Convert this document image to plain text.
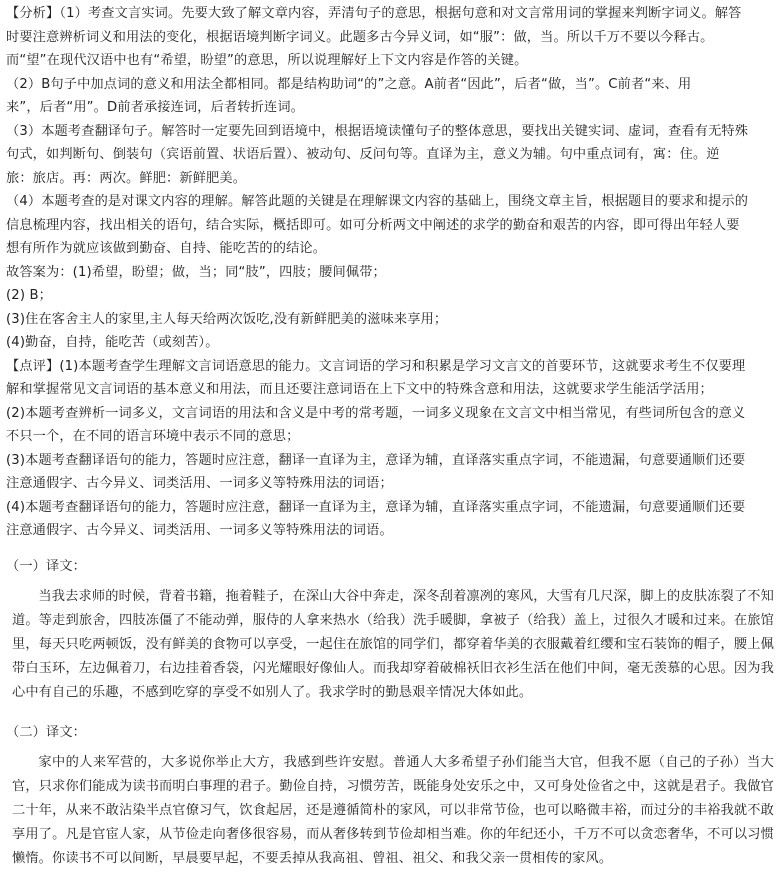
【分析】（1）考查文言实词。先要大致了解文章内容，弄清句子的意思，根据句意和对文言常用词的掌握来判断字词义。解答
时要注意辨析词义和用法的变化，根据语境判断字词义。此题多古今异义词，如“服”：做，当。所以千万不要以今释古。
而“望”在现代汉语中也有“希望，盼望”的意思，所以说理解好上下文内容是作答的关键。
（2）B句子中加点词的意义和用法全都相同。都是结构助词“的”之意。A前者“因此”，后者“做，当”。C前者“来、用
来”，后者“用”。D前者承接连词，后者转折连词。
（3）本题考查翻译句子。解答时一定要先回到语境中，根据语境读懂句子的整体意思，要找出关键实词、虚词，查看有无特殊
句式，如判断句、倒装句（宾语前置、状语后置）、被动句、反问句等。直译为主，意义为辅。句中重点词有，寓：住。逆
旅：旅店。再：两次。鲜肥：新鲜肥美。
（4）本题考查的是对课文内容的理解。解答此题的关键是在理解课文内容的基础上，围绕文章主旨，根据题目的要求和提示的
信息梳理内容，找出相关的语句，结合实际，概括即可。如可分析两文中阐述的求学的勤奋和艰苦的内容，即可得出年轻人要
想有所作为就应该做到勤奋、自持、能吃苦的的结论。
故答案为：(1)希望，盼望；做，当；同“肢”，四肢；腰间佩带；
(2) B；
(3)住在客舍主人的家里,主人每天给两次饭吃,没有新鲜肥美的滋味来享用；
(4)勤奋，自持，能吃苦（或刻苦）。
【点评】(1)本题考查学生理解文言词语意思的能力。文言词语的学习和积累是学习文言文的首要环节，这就要求考生不仅要理
解和掌握常见文言词语的基本意义和用法，而且还要注意词语在上下文中的特殊含意和用法，这就要求学生能活学活用；
(2)本题考查辨析一词多义，文言词语的用法和含义是中考的常考题，一词多义现象在文言文中相当常见，有些词所包含的意义
不只一个，在不同的语言环境中表示不同的意思；
(3)本题考查翻译语句的能力，答题时应注意，翻译一直译为主，意译为辅，直译落实重点字词，不能遗漏，句意要通顺们还要
注意通假字、古今异义、词类活用、一词多义等特殊用法的词语；
(4)本题考查翻译语句的能力，答题时应注意，翻译一直译为主，意译为辅，直译落实重点字词，不能遗漏，句意要通顺们还要
注意通假字、古今异义、词类活用、一词多义等特殊用法的词语。
（一）译文：

当我去求师的时候，背着书籍，拖着鞋子，在深山大谷中奔走，深冬刮着凛冽的寒风，大雪有几尺深，脚上的皮肤冻裂了不知道。等走到旅舍，四肢冻僵了不能动弹，服侍的人拿来热水（给我）洗手暖脚，拿被子（给我）盖上，过很久才暖和过来。在旅馆里，每天只吃两顿饭，没有鲜美的食物可以享受，一起住在旅馆的同学们，都穿着华美的衣服戴着红缨和宝石装饰的帽子，腰上佩带白玉环，左边佩着刀，右边挂着香袋，闪光耀眼好像仙人。而我却穿着破棉袄旧衣衫生活在他们中间，毫无羡慕的心思。因为我心中有自己的乐趣，不感到吃穿的享受不如别人了。我求学时的勤恳艰辛情况大体如此。

（二）译文：

家中的人来军营的，大多说你举止大方，我感到些许安慰。普通人大多希望子孙们能当大官，但我不愿（自己的子孙）当大官，只求你们能成为读书而明白事理的君子。勤俭自持，习惯劳苦，既能身处安乐之中，又可身处俭省之中，这就是君子。我做官二十年，从来不敢沾染半点官僚习气，饮食起居，还是遵循简朴的家风，可以非常节俭，也可以略微丰裕，而过分的丰裕我就不敢享用了。凡是官宦人家，从节俭走向奢侈很容易，而从奢侈转到节俭却相当难。你的年纪还小，千万不可以贪恋奢华，不可以习惯懒惰。你读书不可以间断，早晨要早起，不要丢掉从我高祖、曾祖、祖父、和我父亲一贯相传的家风。
